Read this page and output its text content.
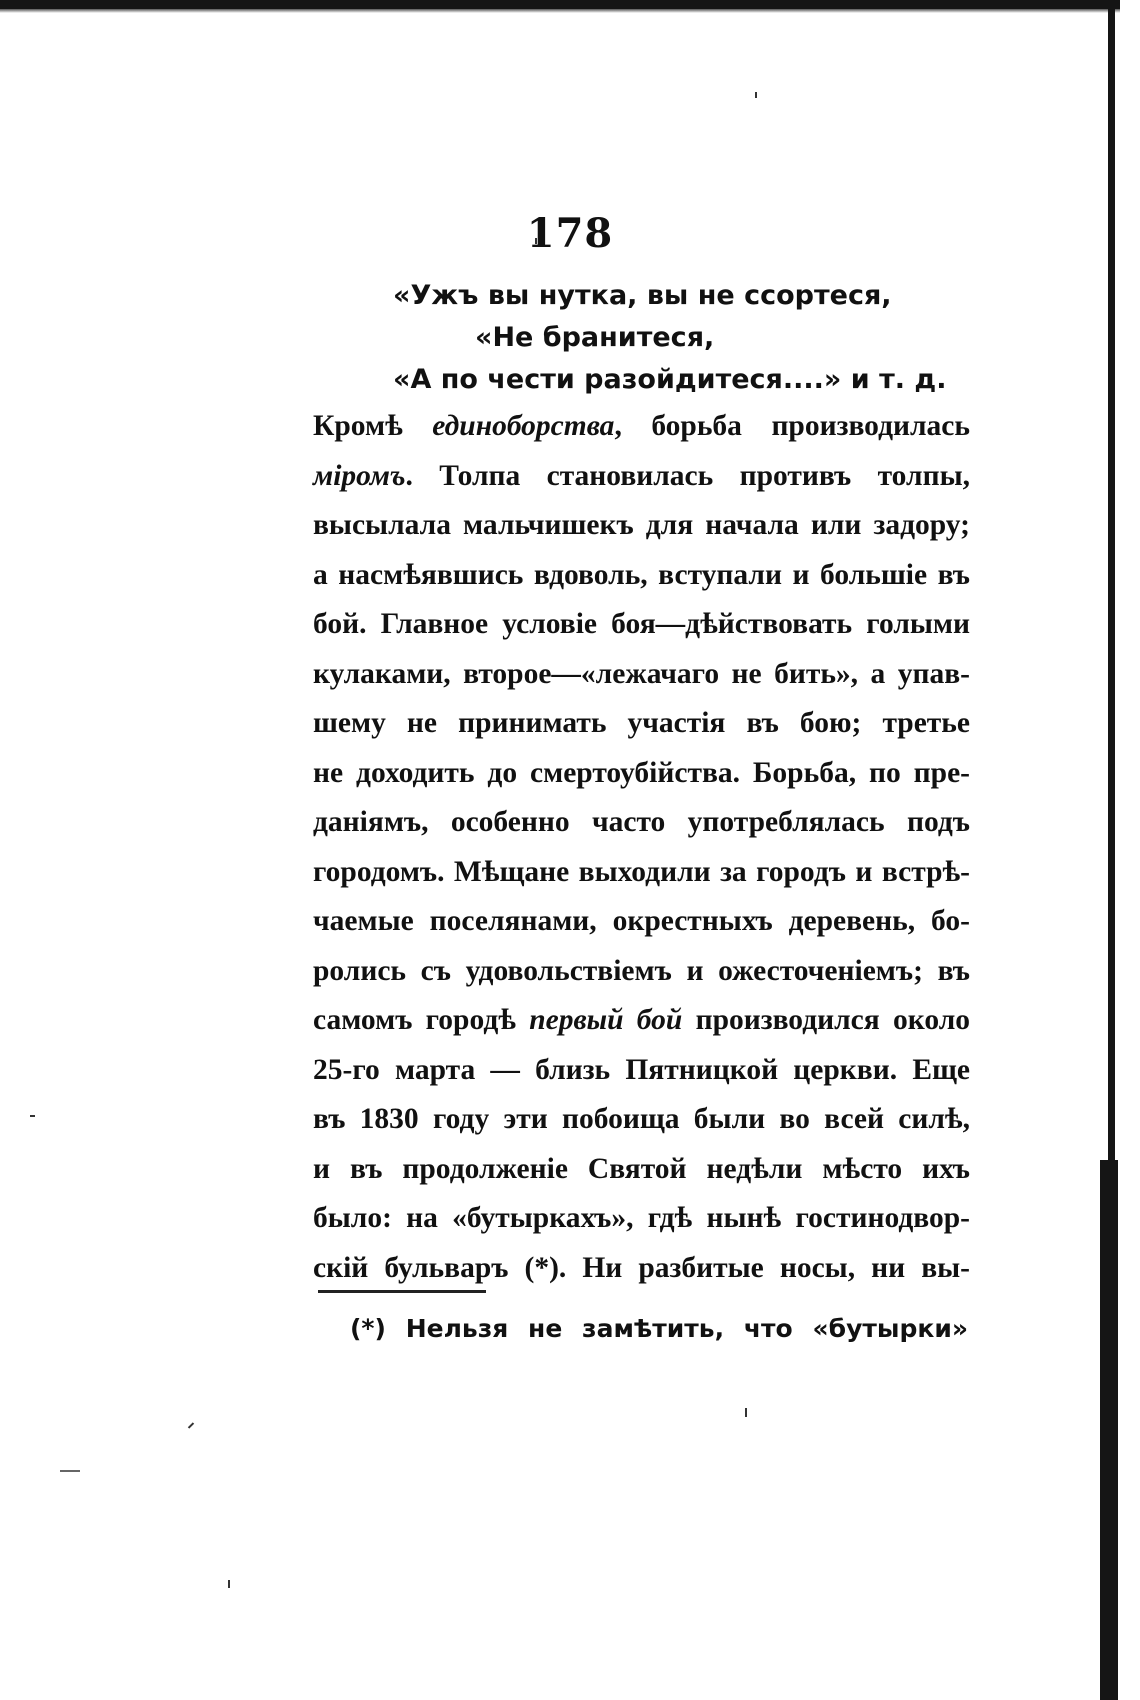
178
«Ужъ вы нутка, вы не ссортеся,
«Не бранитеся,
«А по чести разойдитеся....» и т. д.
Кромѣ единоборства, борьба производилась
міромъ. Толпа становилась противъ толпы,
высылала мальчишекъ для начала или задору;
а насмѣявшись вдоволь, вступали и большіе въ
бой. Главное условіе боя—дѣйствовать голыми
кулаками, второе—«лежачаго не бить», а упав-
шему не принимать участія въ бою; третье
не доходить до смертоубійства. Борьба, по пре-
даніямъ, особенно часто употреблялась подъ
городомъ. Мѣщане выходили за городъ и встрѣ-
чаемые поселянами, окрестныхъ деревень, бо-
ролись съ удовольствіемъ и ожесточеніемъ; въ
самомъ городѣ первый бой производился около
25-го марта — близь Пятницкой церкви. Еще
въ 1830 году эти побоища были во всей силѣ,
и въ продолженіе Святой недѣли мѣсто ихъ
было: на «бутыркахъ», гдѣ нынѣ гостинодвор-
скій бульваръ (*). Ни разбитые носы, ни вы-
(*) Нельзя не замѣтить, что «бутырки»
